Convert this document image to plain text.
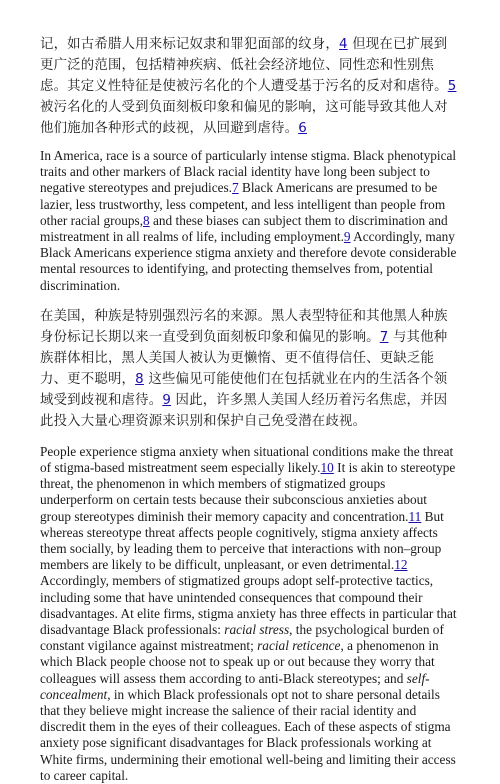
记，如古希腊人用来标记奴隶和罪犯面部的纹身，4 但现在已扩展到更广泛的范围，包括精神疾病、低社会经济地位、同性恋和性别焦虑。其定义性特征是使被污名化的个人遭受基于污名的反对和虐待。5 被污名化的人受到负面刻板印象和偏见的影响，这可能导致其他人对他们施加各种形式的歧视，从回避到虐待。6

In America, race is a source of particularly intense stigma. Black phenotypical traits and other markers of Black racial identity have long been subject to negative stereotypes and prejudices.7 Black Americans are presumed to be lazier, less trustworthy, less competent, and less intelligent than people from other racial groups,8 and these biases can subject them to discrimination and mistreatment in all realms of life, including employment.9 Accordingly, many Black Americans experience stigma anxiety and therefore devote considerable mental resources to identifying, and protecting themselves from, potential discrimination.

在美国，种族是特别强烈污名的来源。黑人表型特征和其他黑人种族身份标记长期以来一直受到负面刻板印象和偏见的影响。7 与其他种族群体相比，黑人美国人被认为更懒惰、更不值得信任、更缺乏能力、更不聪明，8 这些偏见可能使他们在包括就业在内的生活各个领域受到歧视和虐待。9 因此，许多黑人美国人经历着污名焦虑，并因此投入大量心理资源来识别和保护自己免受潜在歧视。

People experience stigma anxiety when situational conditions make the threat of stigma-based mistreatment seem especially likely.10 It is akin to stereotype threat, the phenomenon in which members of stigmatized groups underperform on certain tests because their subconscious anxieties about group stereotypes diminish their memory capacity and concentration.11 But whereas stereotype threat affects people cognitively, stigma anxiety affects them socially, by leading them to perceive that interactions with non–group members are likely to be difficult, unpleasant, or even detrimental.12 Accordingly, members of stigmatized groups adopt self-protective tactics, including some that have unintended consequences that compound their disadvantages. At elite firms, stigma anxiety has three effects in particular that disadvantage Black professionals: racial stress, the psychological burden of constant vigilance against mistreatment; racial reticence, a phenomenon in which Black people choose not to speak up or out because they worry that colleagues will assess them according to anti-Black stereotypes; and self-concealment, in which Black professionals opt not to share personal details that they believe might increase the salience of their racial identity and discredit them in the eyes of their colleagues. Each of these aspects of stigma anxiety pose significant disadvantages for Black professionals working at White firms, undermining their emotional well-being and limiting their access to career capital.
